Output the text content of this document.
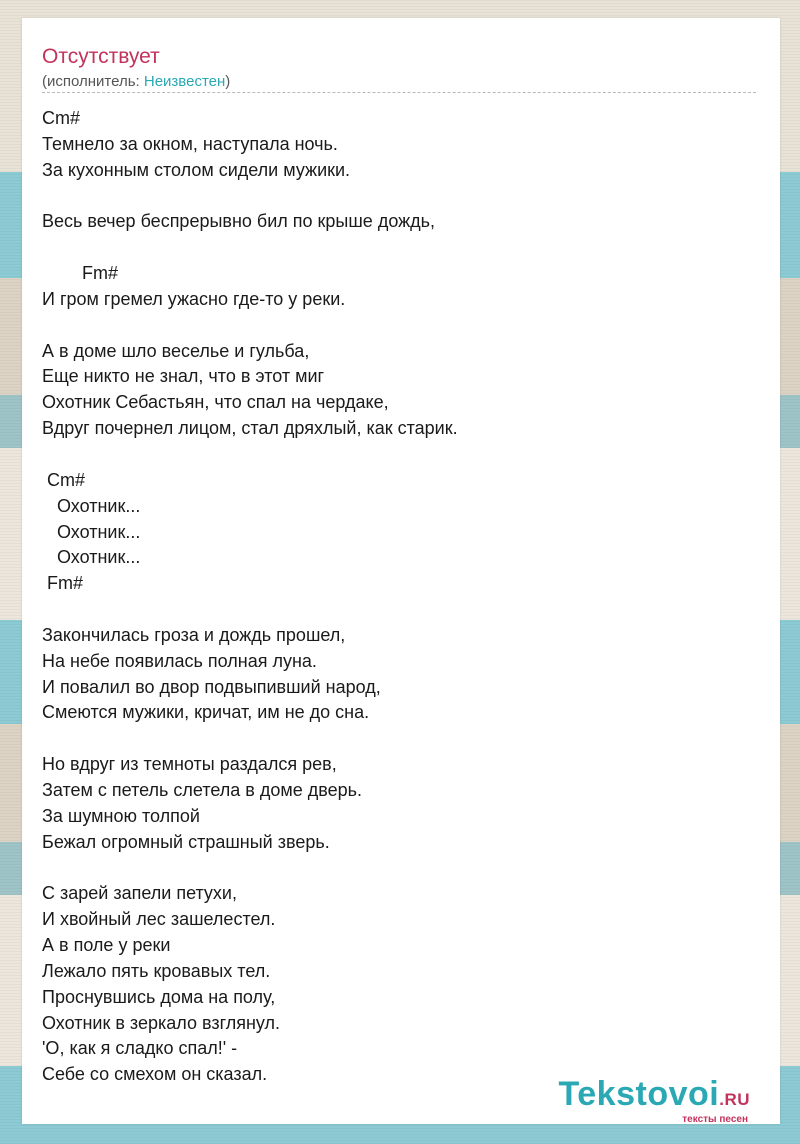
Отсутствует
(исполнитель: Неизвестен)
Cm#
Темнело за окном, наступала ночь.
За кухонным столом сидели мужики.

Весь вечер беспрерывно бил по крыше дождь,

Fm#
И гром гремел ужасно где-то у реки.

А в доме шло веселье и гульба,
Еще никто не знал, что в этот миг
Охотник Себастьян, что спал на чердаке,
Вдруг почернел лицом, стал дряхлый, как старик.

Cm#
Охотник...
Охотник...
Охотник...
Fm#

Закончилась гроза и дождь прошел,
На небе появилась полная луна.
И повалил во двор подвыпивший народ,
Смеются мужики, кричат, им не до сна.

Но вдруг из темноты раздался рев,
Затем с петель слетела в доме дверь.
За шумною толпой
Бежал огромный страшный зверь.

С зарей запели петухи,
И хвойный лес зашелестел.
А в поле у реки
Лежало пять кровавых тел.
Проснувшись дома на полу,
Охотник в зеркало взглянул.
'О, как я сладко спал!' -
Себе со смехом он сказал.
Tekstovoi.RU
тексты песен
